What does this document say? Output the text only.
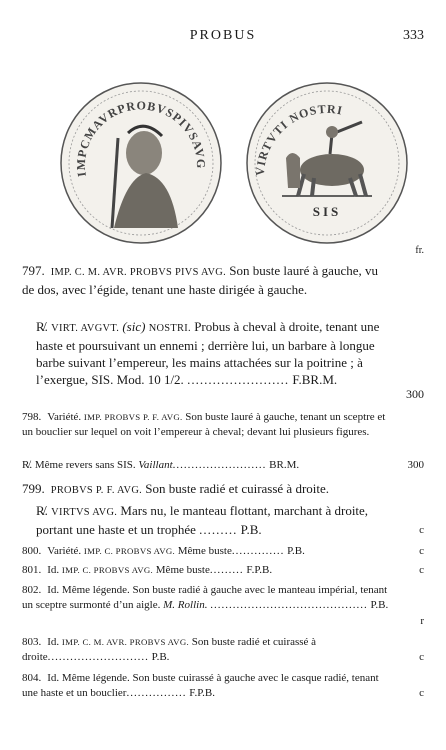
PROBUS	333
IMPCMAVRPROBVSPIVSAVG
VIRTVTI NOSTRI
SIS
fr.
797. IMP. C. M. AVR. PROBVS PIVS AVG. Son buste lauré à gauche, vu de dos, avec l’égide, tenant une haste dirigée à gauche.
R̸. VIRT. AVGVT. (sic) NOSTRI. Probus à cheval à droite, tenant une haste et poursuivant un ennemi ; derrière lui, un barbare à longue barbe suivant l’empereur, les mains attachées sur la poitrine ; à l’exergue, SIS. Mod. 10 1/2. ........................ F.BR.M.
300
798. Variété. IMP. PROBVS P. F. AVG. Son buste lauré à gauche, tenant un sceptre et un bouclier sur lequel on voit l’empereur à cheval; devant lui plusieurs figures.
R̸. Même revers sans SIS. Vaillant......................... BR.M.	300
799. PROBVS P. F. AVG. Son buste radié et cuirassé à droite.
R̸. VIRTVS AVG. Mars nu, le manteau flottant, marchant à droite, portant une haste et un trophée ......... P.B.	c
800. Variété. IMP. C. PROBVS AVG. Même buste.............. P.B.	c
801. Id. IMP. C. PROBVS AVG. Même buste......... F.P.B.	c
802. Id. Même légende. Son buste radié à gauche avec le manteau impérial, tenant un sceptre surmonté d’un aigle. M. Rollin. .......................................... P.B.
r
803. Id. IMP. C. M. AVR. PROBVS AVG. Son buste radié et cuirassé à droite........................... P.B.	c
804. Id. Même légende. Son buste cuirassé à gauche avec le casque radié, tenant une haste et un bouclier................ F.P.B.	c
